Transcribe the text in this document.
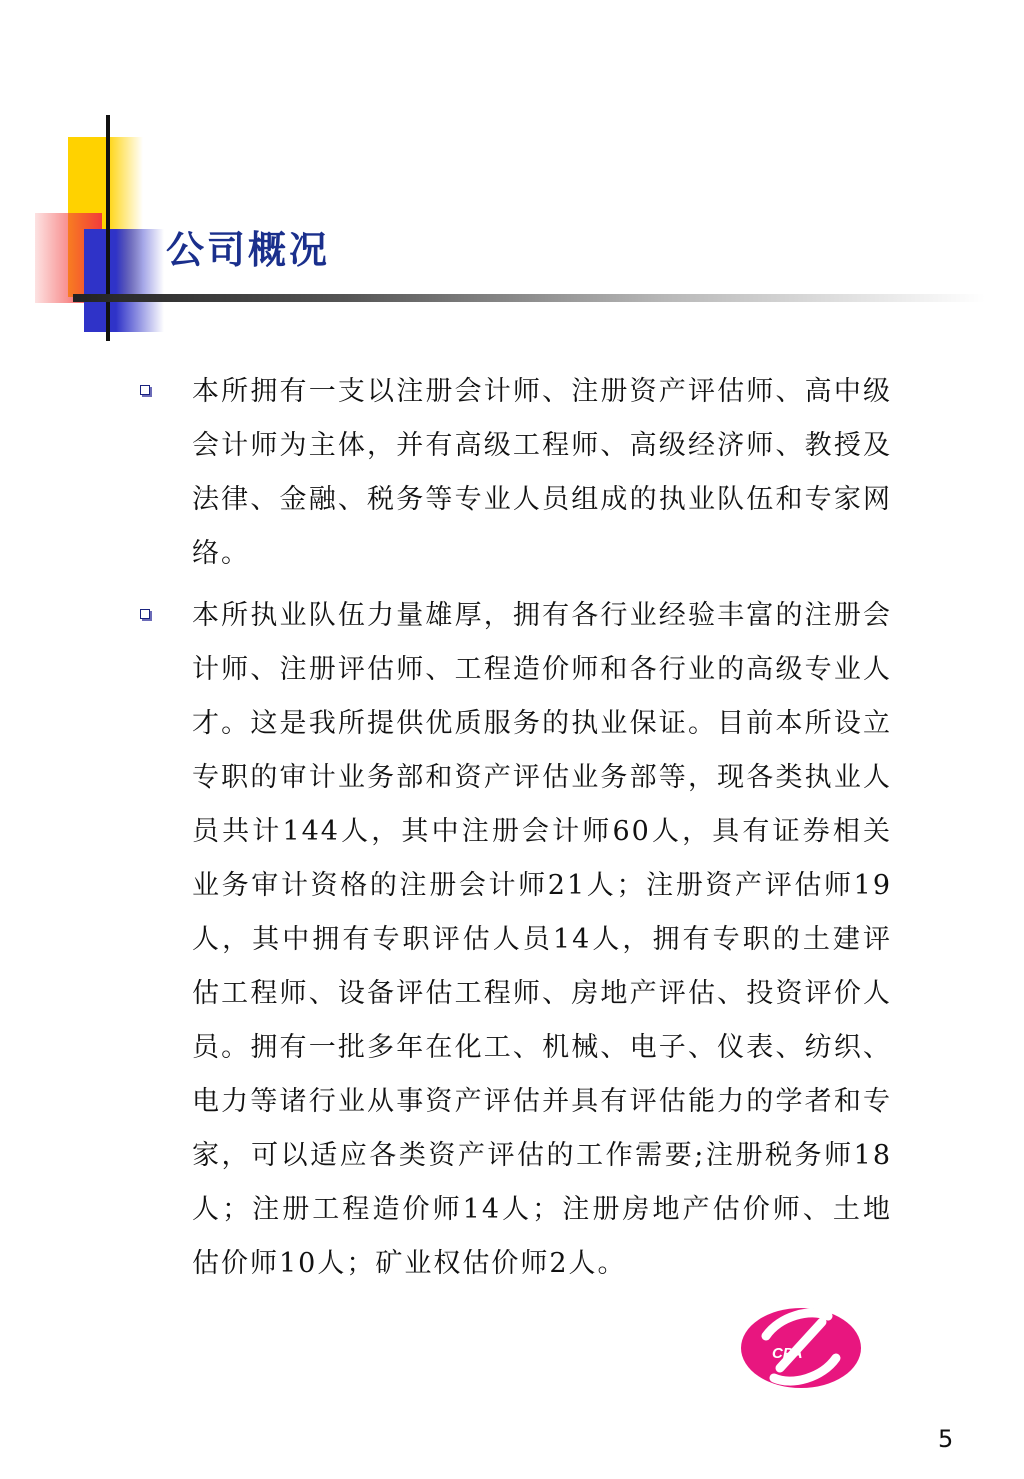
公司概况
本所拥有一支以注册会计师、注册资产评估师、高中级会计师为主体，并有高级工程师、高级经济师、教授及法律、金融、税务等专业人员组成的执业队伍和专家网络。
本所执业队伍力量雄厚，拥有各行业经验丰富的注册会计师、注册评估师、工程造价师和各行业的高级专业人才。这是我所提供优质服务的执业保证。目前本所设立专职的审计业务部和资产评估业务部等，现各类执业人员共计144人，其中注册会计师60人，具有证券相关业务审计资格的注册会计师21人；注册资产评估师19人，其中拥有专职评估人员14人，拥有专职的土建评估工程师、设备评估工程师、房地产评估、投资评价人员。拥有一批多年在化工、机械、电子、仪表、纺织、电力等诸行业从事资产评估并具有评估能力的学者和专家，可以适应各类资产评估的工作需要;注册税务师18人；注册工程造价师14人；注册房地产估价师、土地估价师10人；矿业权估价师2人。
CPA
5
